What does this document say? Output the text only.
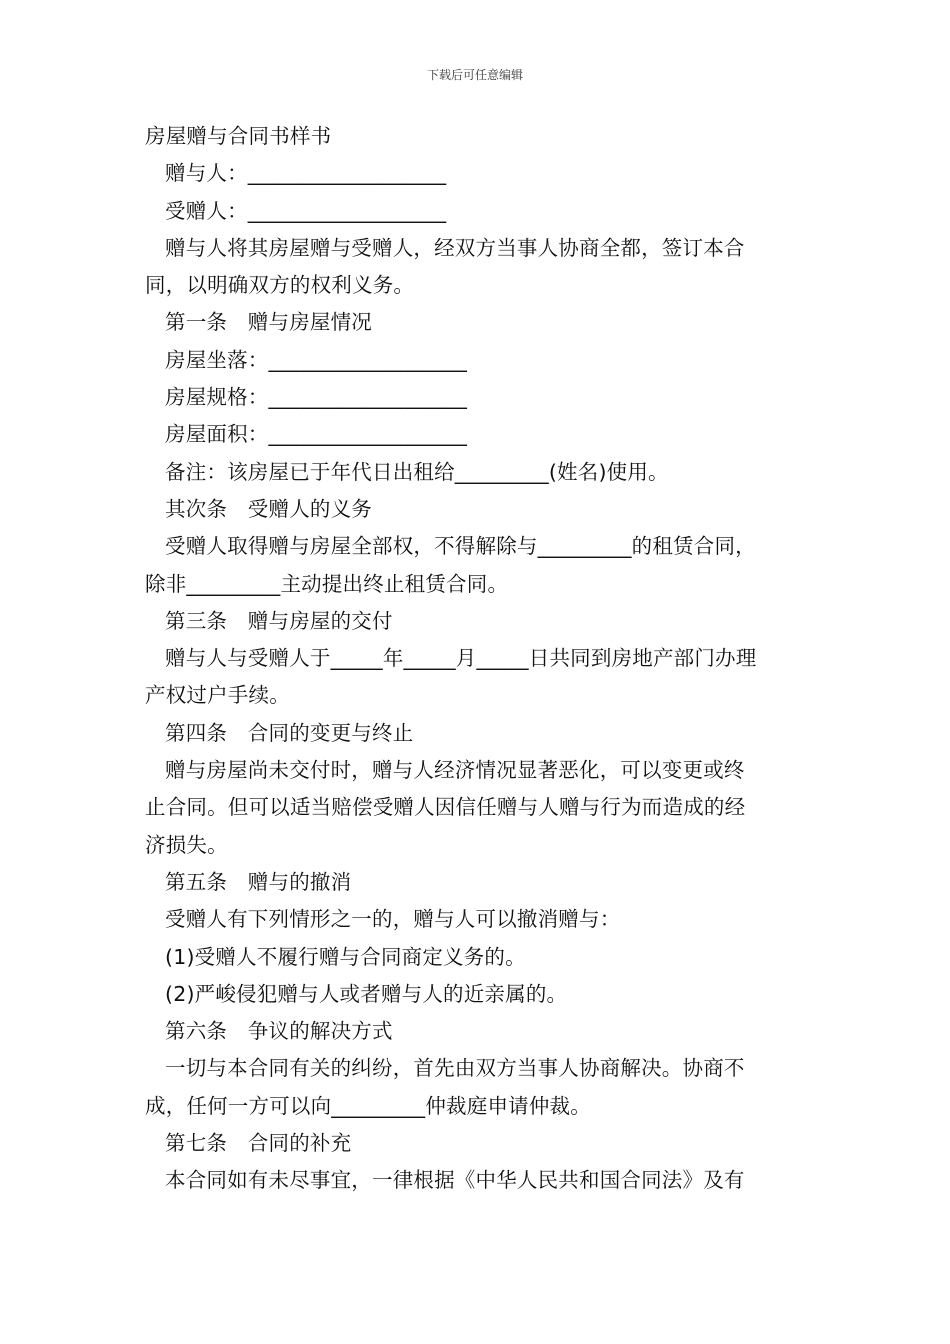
下载后可任意编辑
房屋赠与合同书样书
赠与人：___________________
受赠人：___________________
赠与人将其房屋赠与受赠人，经双方当事人协商全都，签订本合
同，以明确双方的权利义务。
第一条　赠与房屋情况
房屋坐落：___________________
房屋规格：___________________
房屋面积：___________________
备注：该房屋已于年代日出租给_________(姓名)使用。
其次条　受赠人的义务
受赠人取得赠与房屋全部权，不得解除与_________的租赁合同，
除非_________主动提出终止租赁合同。
第三条　赠与房屋的交付
赠与人与受赠人于_____年_____月_____日共同到房地产部门办理
产权过户手续。
第四条　合同的变更与终止
赠与房屋尚未交付时，赠与人经济情况显著恶化，可以变更或终
止合同。但可以适当赔偿受赠人因信任赠与人赠与行为而造成的经
济损失。
第五条　赠与的撤消
受赠人有下列情形之一的，赠与人可以撤消赠与：
(1)受赠人不履行赠与合同商定义务的。
(2)严峻侵犯赠与人或者赠与人的近亲属的。
第六条　争议的解决方式
一切与本合同有关的纠纷，首先由双方当事人协商解决。协商不
成，任何一方可以向_________仲裁庭申请仲裁。
第七条　合同的补充
本合同如有未尽事宜，一律根据《中华人民共和国合同法》及有
